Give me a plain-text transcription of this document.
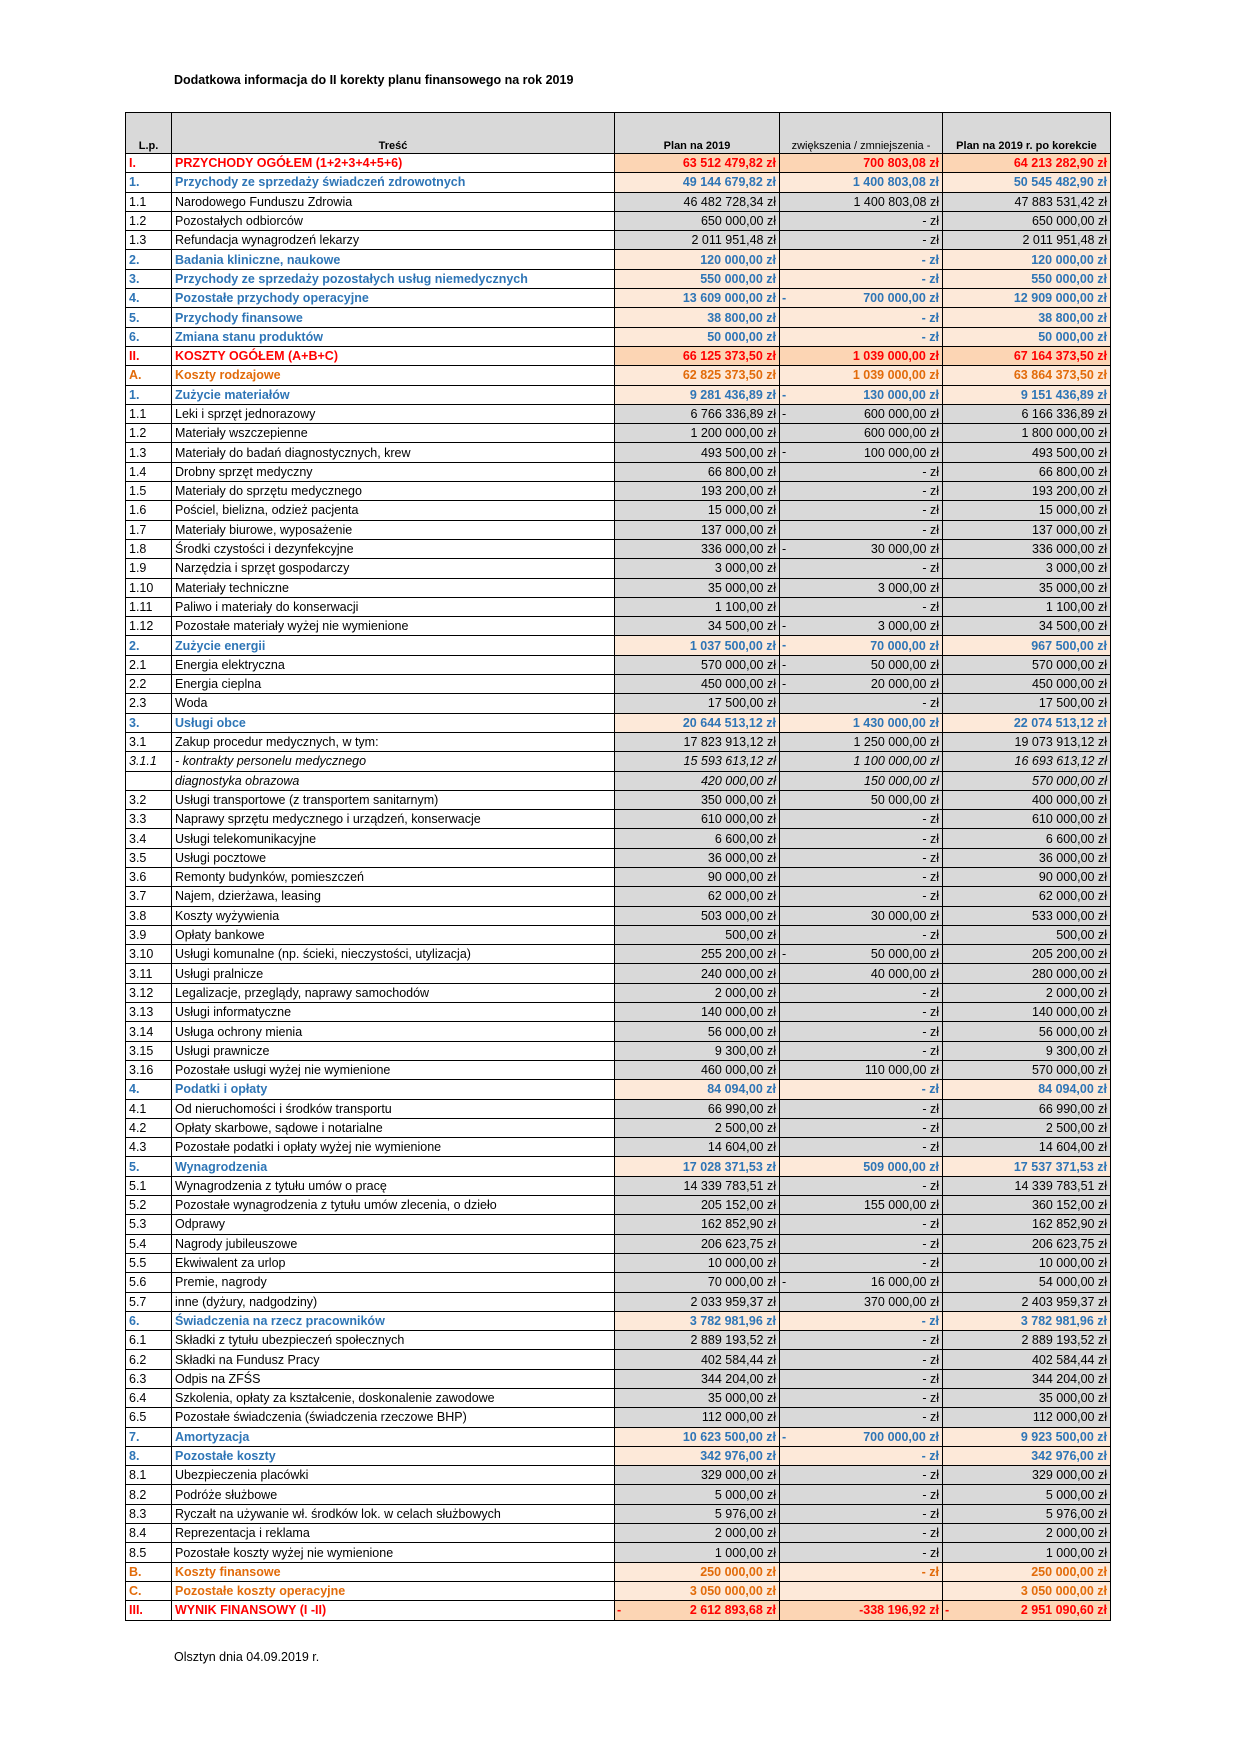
Dodatkowa informacja do II korekty planu finansowego na rok 2019
L.p.	Treść	Plan na 2019	zwiększenia / zmniejszenia -	Plan na 2019 r. po korekcie
I.	PRZYCHODY OGÓŁEM (1+2+3+4+5+6)	63 512 479,82 zł	700 803,08 zł	64 213 282,90 zł
1.	Przychody ze sprzedaży świadczeń zdrowotnych	49 144 679,82 zł	1 400 803,08 zł	50 545 482,90 zł
1.1	Narodowego Funduszu Zdrowia	46 482 728,34 zł	1 400 803,08 zł	47 883 531,42 zł
1.2	Pozostałych odbiorców	650 000,00 zł	- zł	650 000,00 zł
1.3	Refundacja wynagrodzeń lekarzy	2 011 951,48 zł	- zł	2 011 951,48 zł
2.	Badania kliniczne, naukowe	120 000,00 zł	- zł	120 000,00 zł
3.	Przychody ze sprzedaży pozostałych usług niemedycznych	550 000,00 zł	- zł	550 000,00 zł
4.	Pozostałe przychody operacyjne	13 609 000,00 zł	- 700 000,00 zł	12 909 000,00 zł
5.	Przychody finansowe	38 800,00 zł	- zł	38 800,00 zł
6.	Zmiana stanu produktów	50 000,00 zł	- zł	50 000,00 zł
II.	KOSZTY OGÓŁEM (A+B+C)	66 125 373,50 zł	1 039 000,00 zł	67 164 373,50 zł
A.	Koszty rodzajowe	62 825 373,50 zł	1 039 000,00 zł	63 864 373,50 zł
1.	Zużycie materiałów	9 281 436,89 zł	- 130 000,00 zł	9 151 436,89 zł
1.1	Leki i sprzęt jednorazowy	6 766 336,89 zł	- 600 000,00 zł	6 166 336,89 zł
1.2	Materiały wszczepienne	1 200 000,00 zł	600 000,00 zł	1 800 000,00 zł
1.3	Materiały do badań diagnostycznych, krew	493 500,00 zł	- 100 000,00 zł	493 500,00 zł
1.4	Drobny sprzęt medyczny	66 800,00 zł	- zł	66 800,00 zł
1.5	Materiały do sprzętu medycznego	193 200,00 zł	- zł	193 200,00 zł
1.6	Pościel, bielizna, odzież pacjenta	15 000,00 zł	- zł	15 000,00 zł
1.7	Materiały biurowe, wyposażenie	137 000,00 zł	- zł	137 000,00 zł
1.8	Środki czystości i dezynfekcyjne	336 000,00 zł	- 30 000,00 zł	336 000,00 zł
1.9	Narzędzia i sprzęt gospodarczy	3 000,00 zł	- zł	3 000,00 zł
1.10	Materiały techniczne	35 000,00 zł	3 000,00 zł	35 000,00 zł
1.11	Paliwo i materiały do konserwacji	1 100,00 zł	- zł	1 100,00 zł
1.12	Pozostałe materiały wyżej nie wymienione	34 500,00 zł	- 3 000,00 zł	34 500,00 zł
2.	Zużycie energii	1 037 500,00 zł	- 70 000,00 zł	967 500,00 zł
2.1	Energia elektryczna	570 000,00 zł	- 50 000,00 zł	570 000,00 zł
2.2	Energia cieplna	450 000,00 zł	- 20 000,00 zł	450 000,00 zł
2.3	Woda	17 500,00 zł	- zł	17 500,00 zł
3.	Usługi obce	20 644 513,12 zł	1 430 000,00 zł	22 074 513,12 zł
3.1	Zakup procedur medycznych, w tym:	17 823 913,12 zł	1 250 000,00 zł	19 073 913,12 zł
3.1.1	- kontrakty personelu medycznego	15 593 613,12 zł	1 100 000,00 zł	16 693 613,12 zł
	diagnostyka obrazowa	420 000,00 zł	150 000,00 zł	570 000,00 zł
3.2	Usługi transportowe (z transportem sanitarnym)	350 000,00 zł	50 000,00 zł	400 000,00 zł
3.3	Naprawy sprzętu medycznego i urządzeń, konserwacje	610 000,00 zł	- zł	610 000,00 zł
3.4	Usługi telekomunikacyjne	6 600,00 zł	- zł	6 600,00 zł
3.5	Usługi pocztowe	36 000,00 zł	- zł	36 000,00 zł
3.6	Remonty budynków, pomieszczeń	90 000,00 zł	- zł	90 000,00 zł
3.7	Najem, dzierżawa, leasing	62 000,00 zł	- zł	62 000,00 zł
3.8	Koszty wyżywienia	503 000,00 zł	30 000,00 zł	533 000,00 zł
3.9	Opłaty bankowe	500,00 zł	- zł	500,00 zł
3.10	Usługi komunalne (np. ścieki, nieczystości, utylizacja)	255 200,00 zł	- 50 000,00 zł	205 200,00 zł
3.11	Usługi pralnicze	240 000,00 zł	40 000,00 zł	280 000,00 zł
3.12	Legalizacje, przeglądy, naprawy samochodów	2 000,00 zł	- zł	2 000,00 zł
3.13	Usługi informatyczne	140 000,00 zł	- zł	140 000,00 zł
3.14	Usługa ochrony mienia	56 000,00 zł	- zł	56 000,00 zł
3.15	Usługi prawnicze	9 300,00 zł	- zł	9 300,00 zł
3.16	Pozostałe usługi wyżej nie wymienione	460 000,00 zł	110 000,00 zł	570 000,00 zł
4.	Podatki i opłaty	84 094,00 zł	- zł	84 094,00 zł
4.1	Od nieruchomości i środków transportu	66 990,00 zł	- zł	66 990,00 zł
4.2	Opłaty skarbowe, sądowe i notarialne	2 500,00 zł	- zł	2 500,00 zł
4.3	Pozostałe podatki i opłaty wyżej nie wymienione	14 604,00 zł	- zł	14 604,00 zł
5.	Wynagrodzenia	17 028 371,53 zł	509 000,00 zł	17 537 371,53 zł
5.1	Wynagrodzenia z tytułu umów o pracę	14 339 783,51 zł	- zł	14 339 783,51 zł
5.2	Pozostałe wynagrodzenia z tytułu umów zlecenia, o dzieło	205 152,00 zł	155 000,00 zł	360 152,00 zł
5.3	Odprawy	162 852,90 zł	- zł	162 852,90 zł
5.4	Nagrody jubileuszowe	206 623,75 zł	- zł	206 623,75 zł
5.5	Ekwiwalent za urlop	10 000,00 zł	- zł	10 000,00 zł
5.6	Premie, nagrody	70 000,00 zł	- 16 000,00 zł	54 000,00 zł
5.7	inne (dyżury, nadgodziny)	2 033 959,37 zł	370 000,00 zł	2 403 959,37 zł
6.	Świadczenia na rzecz pracowników	3 782 981,96 zł	- zł	3 782 981,96 zł
6.1	Składki z tytułu ubezpieczeń społecznych	2 889 193,52 zł	- zł	2 889 193,52 zł
6.2	Składki na Fundusz Pracy	402 584,44 zł	- zł	402 584,44 zł
6.3	Odpis na ZFŚS	344 204,00 zł	- zł	344 204,00 zł
6.4	Szkolenia, opłaty za kształcenie, doskonalenie zawodowe	35 000,00 zł	- zł	35 000,00 zł
6.5	Pozostałe świadczenia (świadczenia rzeczowe BHP)	112 000,00 zł	- zł	112 000,00 zł
7.	Amortyzacja	10 623 500,00 zł	- 700 000,00 zł	9 923 500,00 zł
8.	Pozostałe koszty	342 976,00 zł	- zł	342 976,00 zł
8.1	Ubezpieczenia placówki	329 000,00 zł	- zł	329 000,00 zł
8.2	Podróże służbowe	5 000,00 zł	- zł	5 000,00 zł
8.3	Ryczałt na używanie wł. środków lok. w celach służbowych	5 976,00 zł	- zł	5 976,00 zł
8.4	Reprezentacja i reklama	2 000,00 zł	- zł	2 000,00 zł
8.5	Pozostałe koszty wyżej nie wymienione	1 000,00 zł	- zł	1 000,00 zł
B.	Koszty finansowe	250 000,00 zł	- zł	250 000,00 zł
C.	Pozostałe koszty operacyjne	3 050 000,00 zł		3 050 000,00 zł
III.	WYNIK FINANSOWY (I -II)	- 2 612 893,68 zł	-338 196,92 zł	- 2 951 090,60 zł
Olsztyn dnia 04.09.2019 r.
